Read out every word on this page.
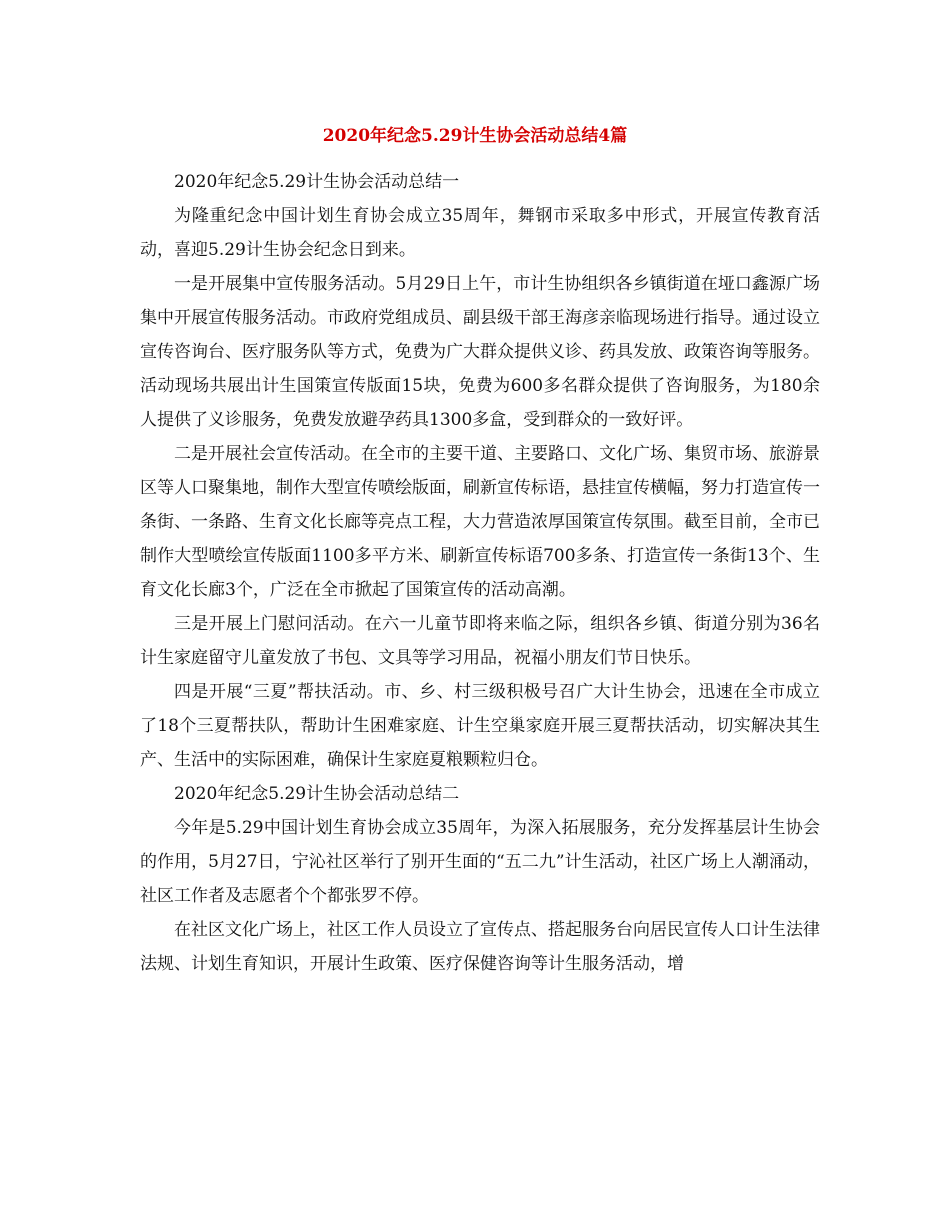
2020年纪念5.29计生协会活动总结4篇

2020年纪念5.29计生协会活动总结一

为隆重纪念中国计划生育协会成立35周年，舞钢市采取多中形式，开展宣传教育活动，喜迎5.29计生协会纪念日到来。

一是开展集中宣传服务活动。5月29日上午，市计生协组织各乡镇街道在垭口鑫源广场集中开展宣传服务活动。市政府党组成员、副县级干部王海彦亲临现场进行指导。通过设立宣传咨询台、医疗服务队等方式，免费为广大群众提供义诊、药具发放、政策咨询等服务。活动现场共展出计生国策宣传版面15块，免费为600多名群众提供了咨询服务，为180余人提供了义诊服务，免费发放避孕药具1300多盒，受到群众的一致好评。

二是开展社会宣传活动。在全市的主要干道、主要路口、文化广场、集贸市场、旅游景区等人口聚集地，制作大型宣传喷绘版面，刷新宣传标语，悬挂宣传横幅，努力打造宣传一条街、一条路、生育文化长廊等亮点工程，大力营造浓厚国策宣传氛围。截至目前，全市已制作大型喷绘宣传版面1100多平方米、刷新宣传标语700多条、打造宣传一条街13个、生育文化长廊3个，广泛在全市掀起了国策宣传的活动高潮。

三是开展上门慰问活动。在六一儿童节即将来临之际，组织各乡镇、街道分别为36名计生家庭留守儿童发放了书包、文具等学习用品，祝福小朋友们节日快乐。

四是开展“三夏”帮扶活动。市、乡、村三级积极号召广大计生协会，迅速在全市成立了18个三夏帮扶队，帮助计生困难家庭、计生空巢家庭开展三夏帮扶活动，切实解决其生产、生活中的实际困难，确保计生家庭夏粮颗粒归仓。

2020年纪念5.29计生协会活动总结二

今年是5.29中国计划生育协会成立35周年，为深入拓展服务，充分发挥基层计生协会的作用，5月27日，宁沁社区举行了别开生面的“五二九”计生活动，社区广场上人潮涌动，社区工作者及志愿者个个都张罗不停。

在社区文化广场上，社区工作人员设立了宣传点、搭起服务台向居民宣传人口计生法律法规、计划生育知识，开展计生政策、医疗保健咨询等计生服务活动，增
